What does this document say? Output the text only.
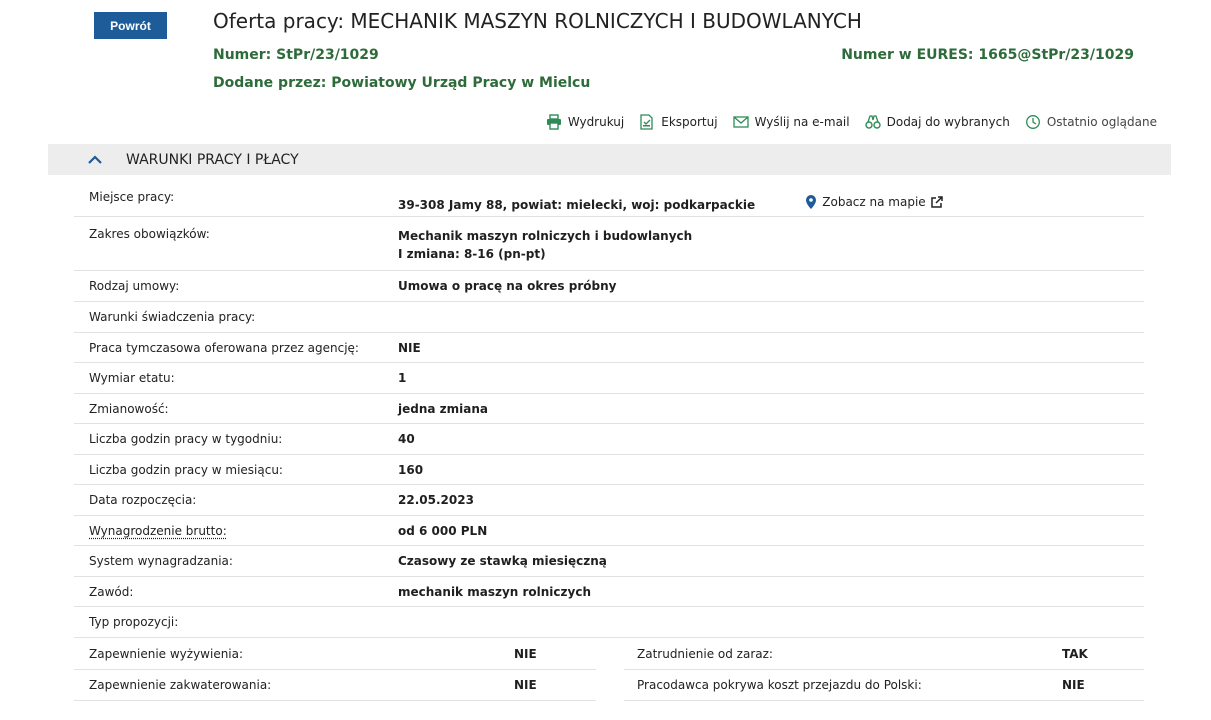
Powrót	Oferta pracy: MECHANIK MASZYN ROLNICZYCH I BUDOWLANYCH
Numer: StPr/23/1029	Numer w EURES: 1665@StPr/23/1029
Dodane przez: Powiatowy Urząd Pracy w Mielcu
Wydrukuj	Eksportuj	Wyślij na e-mail	Dodaj do wybranych	Ostatnio oglądane
WARUNKI PRACY I PŁACY
Miejsce pracy:
39-308 Jamy 88, powiat: mielecki, woj: podkarpackie	Zobacz na mapie
Zakres obowiązków:	Mechanik maszyn rolniczych i budowlanych
I zmiana: 8-16 (pn-pt)
Rodzaj umowy:	Umowa o pracę na okres próbny
Warunki świadczenia pracy:
Praca tymczasowa oferowana przez agencję:	NIE
Wymiar etatu:	1
Zmianowość:	jedna zmiana
Liczba godzin pracy w tygodniu:	40
Liczba godzin pracy w miesiącu:	160
Data rozpoczęcia:	22.05.2023
Wynagrodzenie brutto:	od 6 000 PLN
System wynagradzania:	Czasowy ze stawką miesięczną
Zawód:	mechanik maszyn rolniczych
Typ propozycji:
Zapewnienie wyżywienia:	NIE
Zapewnienie zakwaterowania:	NIE
Zatrudnienie od zaraz:	TAK
Pracodawca pokrywa koszt przejazdu do Polski:	NIE
